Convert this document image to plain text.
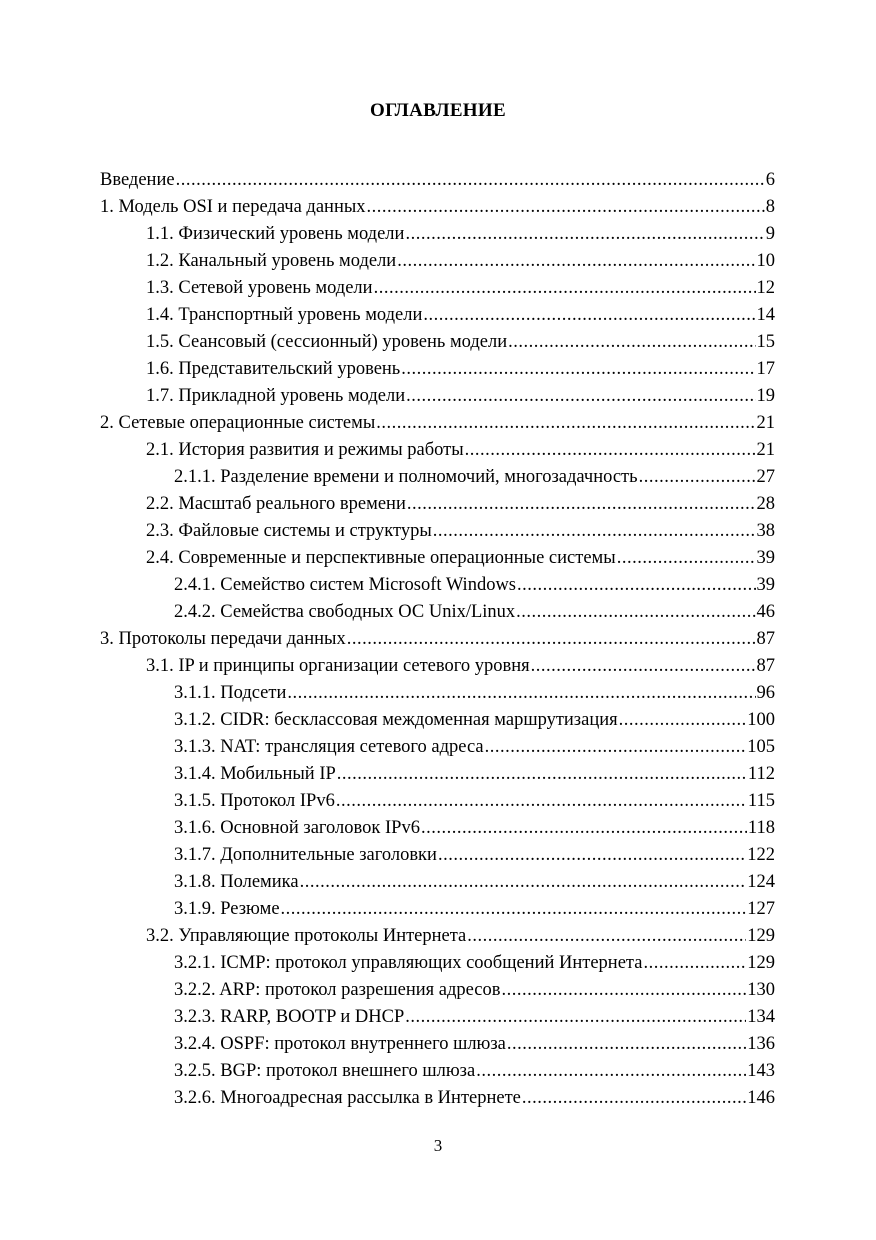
ОГЛАВЛЕНИЕ
Введение .....	6
1. Модель OSI и передача данных .....	8
1.1. Физический уровень модели .....	9
1.2. Канальный уровень модели .....	10
1.3. Сетевой уровень модели .....	12
1.4. Транспортный уровень модели .....	14
1.5. Сеансовый (сессионный) уровень модели .....	15
1.6. Представительский уровень .....	17
1.7. Прикладной уровень модели .....	19
2. Сетевые операционные системы .....	21
2.1. История развития и режимы работы .....	21
2.1.1. Разделение времени и полномочий, многозадачность .....	27
2.2. Масштаб реального времени .....	28
2.3. Файловые системы и структуры .....	38
2.4. Современные и перспективные операционные системы .....	39
2.4.1. Семейство систем Microsoft Windows .....	39
2.4.2. Семейства свободных ОС Unix/Linux .....	46
3. Протоколы передачи данных .....	87
3.1. IP и принципы организации сетевого уровня .....	87
3.1.1. Подсети .....	96
3.1.2. CIDR: бесклассовая междоменная маршрутизация .....	100
3.1.3. NAT: трансляция сетевого адреса .....	105
3.1.4. Мобильный IP .....	112
3.1.5. Протокол IPv6 .....	115
3.1.6. Основной заголовок IPv6 .....	118
3.1.7. Дополнительные заголовки .....	122
3.1.8. Полемика .....	124
3.1.9. Резюме .....	127
3.2. Управляющие протоколы Интернета .....	129
3.2.1. ICMP: протокол управляющих сообщений Интернета .....	129
3.2.2. ARP: протокол разрешения адресов .....	130
3.2.3. RARP, BOOTP и DHCP .....	134
3.2.4. OSPF: протокол внутреннего шлюза .....	136
3.2.5. BGP: протокол внешнего шлюза .....	143
3.2.6. Многоадресная рассылка в Интернете .....	146
3
